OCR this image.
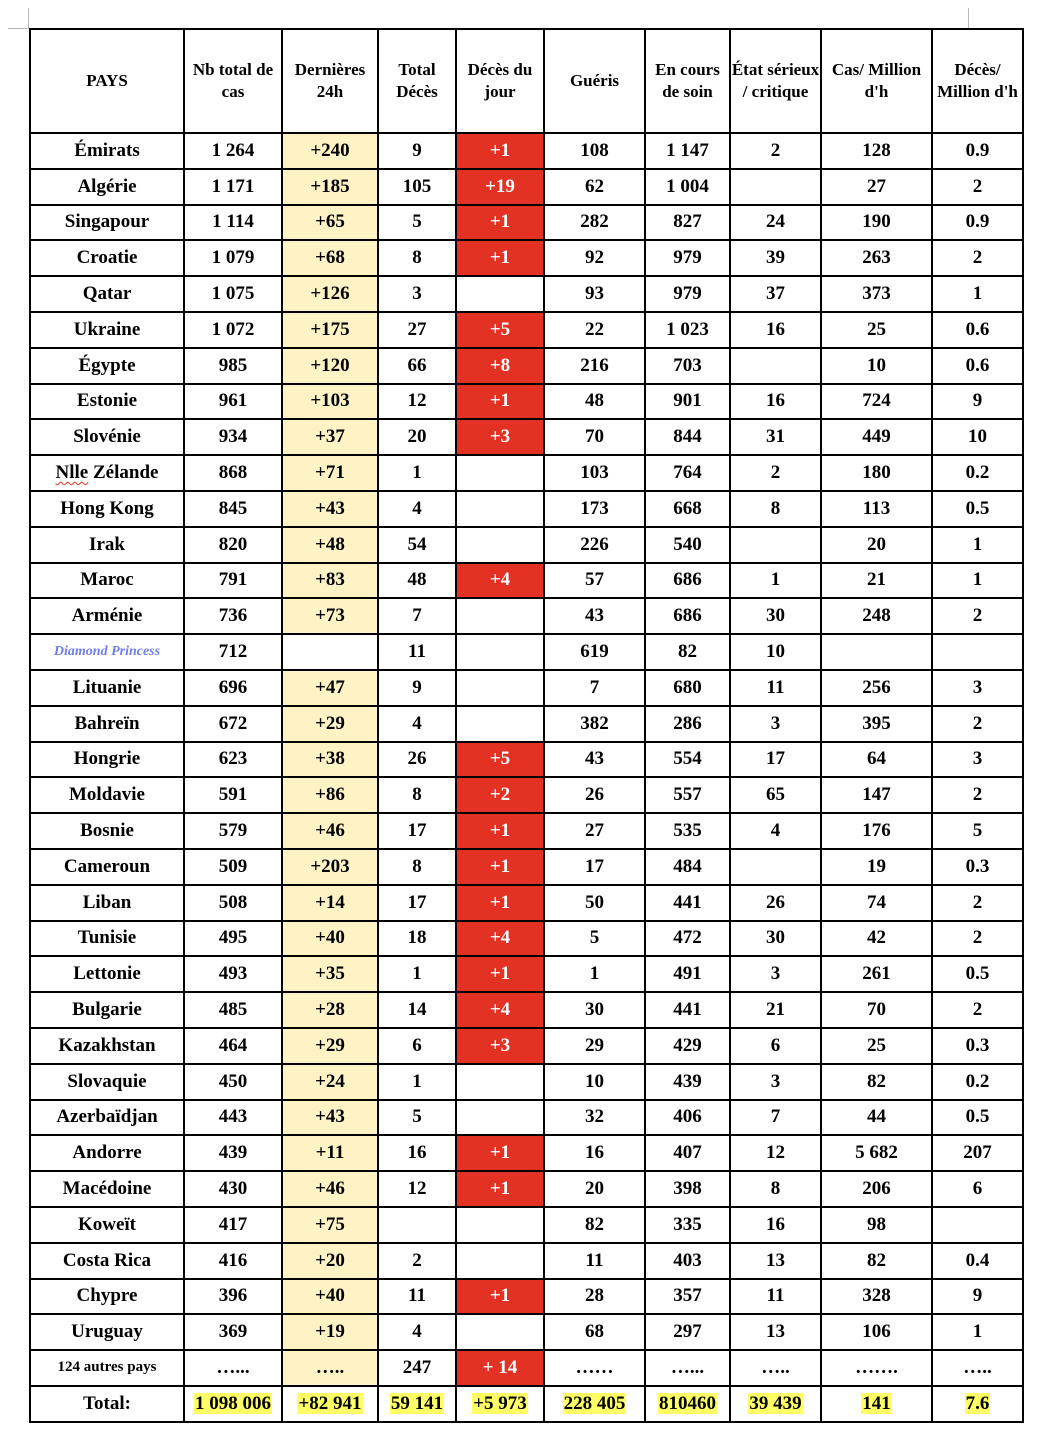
PAYS	Nb total de cas	Dernières 24h	Total Décès	Décès du jour	Guéris	En cours de soin	État sérieux / critique	Cas/ Million d'h	Décès/ Million d'h
Émirats	1 264	+240	9	+1	108	1 147	2	128	0.9
Algérie	1 171	+185	105	+19	62	1 004		27	2
Singapour	1 114	+65	5	+1	282	827	24	190	0.9
Croatie	1 079	+68	8	+1	92	979	39	263	2
Qatar	1 075	+126	3		93	979	37	373	1
Ukraine	1 072	+175	27	+5	22	1 023	16	25	0.6
Égypte	985	+120	66	+8	216	703		10	0.6
Estonie	961	+103	12	+1	48	901	16	724	9
Slovénie	934	+37	20	+3	70	844	31	449	10
Nlle Zélande	868	+71	1		103	764	2	180	0.2
Hong Kong	845	+43	4		173	668	8	113	0.5
Irak	820	+48	54		226	540		20	1
Maroc	791	+83	48	+4	57	686	1	21	1
Arménie	736	+73	7		43	686	30	248	2
Diamond Princess	712		11		619	82	10		
Lituanie	696	+47	9		7	680	11	256	3
Bahreïn	672	+29	4		382	286	3	395	2
Hongrie	623	+38	26	+5	43	554	17	64	3
Moldavie	591	+86	8	+2	26	557	65	147	2
Bosnie	579	+46	17	+1	27	535	4	176	5
Cameroun	509	+203	8	+1	17	484		19	0.3
Liban	508	+14	17	+1	50	441	26	74	2
Tunisie	495	+40	18	+4	5	472	30	42	2
Lettonie	493	+35	1	+1	1	491	3	261	0.5
Bulgarie	485	+28	14	+4	30	441	21	70	2
Kazakhstan	464	+29	6	+3	29	429	6	25	0.3
Slovaquie	450	+24	1		10	439	3	82	0.2
Azerbaïdjan	443	+43	5		32	406	7	44	0.5
Andorre	439	+11	16	+1	16	407	12	5 682	207
Macédoine	430	+46	12	+1	20	398	8	206	6
Koweït	417	+75			82	335	16	98	
Costa Rica	416	+20	2		11	403	13	82	0.4
Chypre	396	+40	11	+1	28	357	11	328	9
Uruguay	369	+19	4		68	297	13	106	1
124 autres pays	…...	…..	247	+ 14	……	…...	…..	…….	…..
Total:	1 098 006	+82 941	59 141	+5 973	228 405	810460	39 439	141	7.6
